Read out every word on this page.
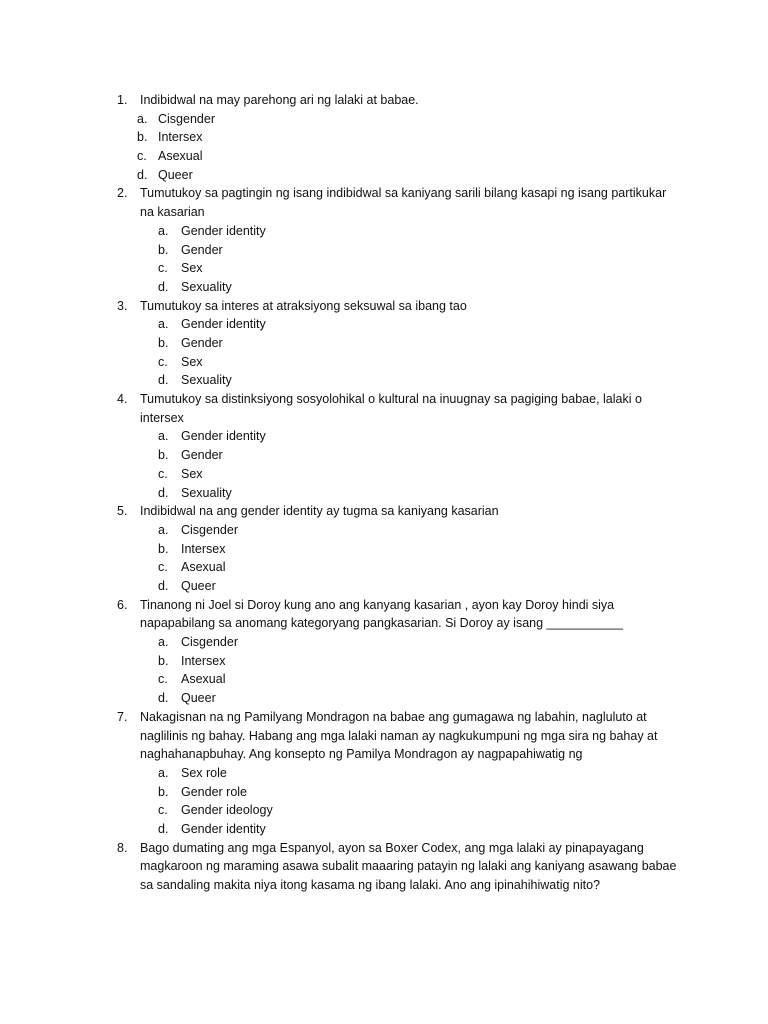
1.	Indibidwal na may parehong ari ng lalaki at babae.
a. Cisgender
b. Intersex
c. Asexual
d. Queer
2.	Tumutukoy sa pagtingin ng isang indibidwal sa kaniyang sarili bilang kasapi ng isang partikukar na kasarian
a. Gender identity
b. Gender
c. Sex
d. Sexuality
3.	Tumutukoy sa interes at atraksiyong seksuwal sa ibang tao
a. Gender identity
b. Gender
c. Sex
d. Sexuality
4.	Tumutukoy sa distinksiyong sosyolohikal o kultural na inuugnay sa pagiging babae, lalaki o intersex
a. Gender identity
b. Gender
c. Sex
d. Sexuality
5.	Indibidwal na ang gender identity ay tugma sa kaniyang kasarian
a. Cisgender
b. Intersex
c. Asexual
d. Queer
6.	Tinanong ni Joel si Doroy kung ano ang kanyang kasarian , ayon kay Doroy hindi siya napapabilang sa anomang kategoryang pangkasarian. Si Doroy ay isang ___________
a. Cisgender
b. Intersex
c. Asexual
d. Queer
7.	Nakagisnan na ng Pamilyang Mondragon na babae ang gumagawa ng labahin, nagluluto at naglilinis ng bahay. Habang ang mga lalaki naman ay nagkukumpuni ng mga sira ng bahay at naghahanapbuhay. Ang konsepto ng Pamilya Mondragon ay nagpapahiwatig ng
a. Sex role
b. Gender role
c. Gender ideology
d. Gender identity
8.	Bago dumating ang mga Espanyol, ayon sa Boxer Codex, ang mga lalaki ay pinapayagang magkaroon ng maraming asawa subalit maaaring patayin ng lalaki ang kaniyang asawang babae sa sandaling makita niya itong kasama ng ibang lalaki. Ano ang ipinahihiwatig nito?
